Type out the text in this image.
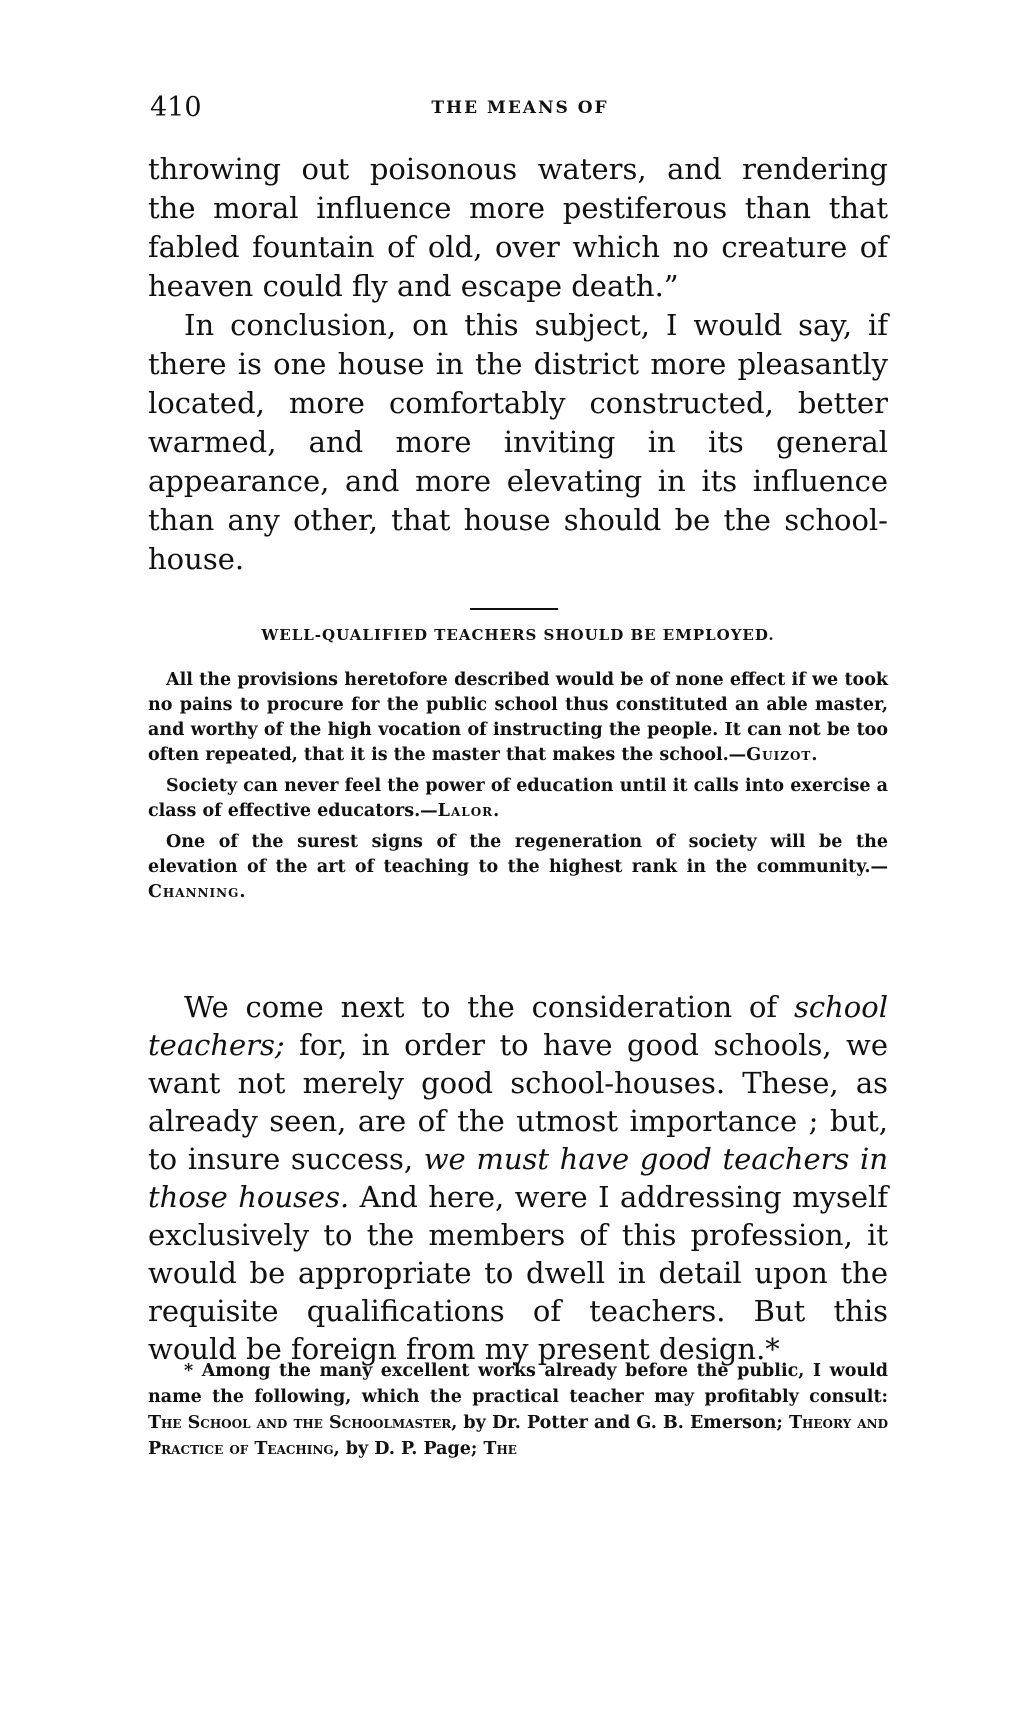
410	THE MEANS OF

throwing out poisonous waters, and rendering the moral influence more pestiferous than that fabled fountain of old, over which no creature of heaven could fly and escape death.”

In conclusion, on this subject, I would say, if there is one house in the district more pleasantly located, more comfortably constructed, better warmed, and more inviting in its general appearance, and more elevating in its influence than any other, that house should be the school-house.

WELL-QUALIFIED TEACHERS SHOULD BE EMPLOYED.

All the provisions heretofore described would be of none effect if we took no pains to procure for the public school thus constituted an able master, and worthy of the high vocation of instructing the people. It can not be too often repeated, that it is the master that makes the school.—Guizot.

Society can never feel the power of education until it calls into exercise a class of effective educators.—Lalor.

One of the surest signs of the regeneration of society will be the elevation of the art of teaching to the highest rank in the community.—Channing.

We come next to the consideration of school teachers; for, in order to have good schools, we want not merely good school-houses. These, as already seen, are of the utmost importance ; but, to insure success, we must have good teachers in those houses. And here, were I addressing myself exclusively to the members of this profession, it would be appropriate to dwell in detail upon the requisite qualifications of teachers. But this would be foreign from my present design.*

* Among the many excellent works already before the public, I would name the following, which the practical teacher may profitably consult: The School and the Schoolmaster, by Dr. Potter and G. B. Emerson; Theory and Practice of Teaching, by D. P. Page; The
